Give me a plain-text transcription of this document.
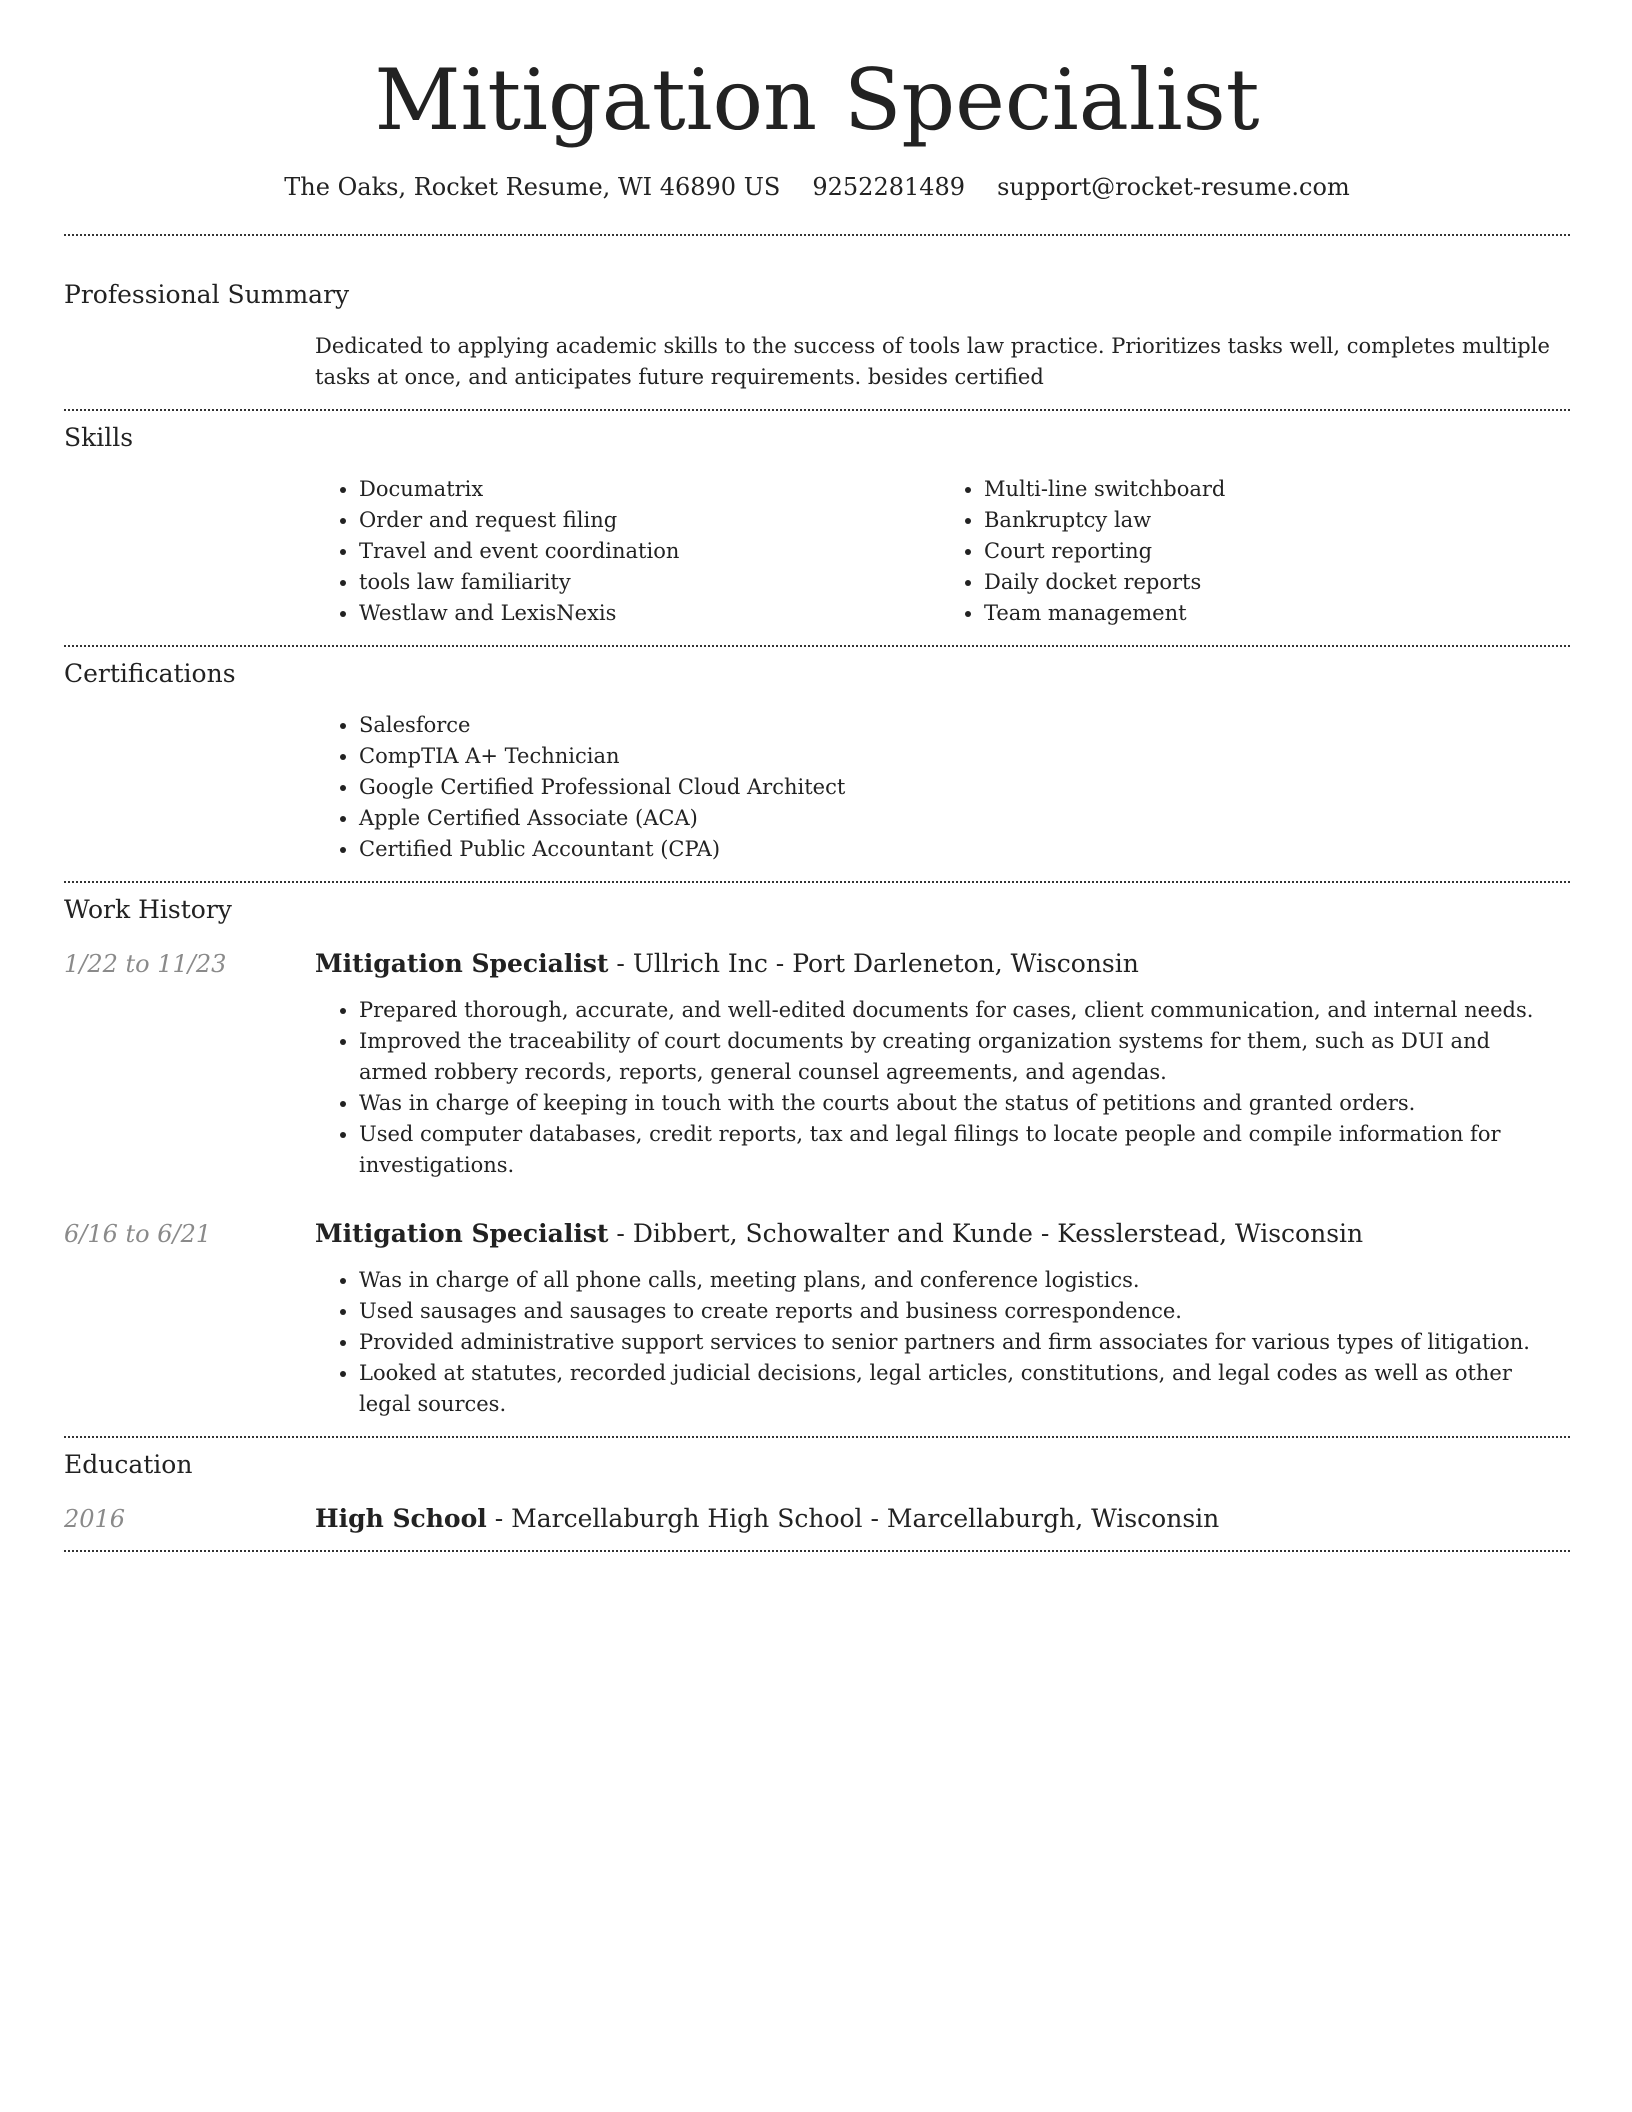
Mitigation Specialist
The Oaks, Rocket Resume, WI 46890 US 9252281489 support@rocket-resume.com
Professional Summary

Dedicated to applying academic skills to the success of tools law practice. Prioritizes tasks well, completes multiple tasks at once, and anticipates future requirements. besides certified

Skills
• Documatrix
• Order and request filing
• Travel and event coordination
• tools law familiarity
• Westlaw and LexisNexis
• Multi-line switchboard
• Bankruptcy law
• Court reporting
• Daily docket reports
• Team management
Certifications
• Salesforce
• CompTIA A+ Technician
• Google Certified Professional Cloud Architect
• Apple Certified Associate (ACA)
• Certified Public Accountant (CPA)
Work History
1/22 to 11/23	Mitigation Specialist - Ullrich Inc - Port Darleneton, Wisconsin

• Prepared thorough, accurate, and well-edited documents for cases, client communication, and internal needs.
• Improved the traceability of court documents by creating organization systems for them, such as DUI and armed robbery records, reports, general counsel agreements, and agendas.
• Was in charge of keeping in touch with the courts about the status of petitions and granted orders.
• Used computer databases, credit reports, tax and legal filings to locate people and compile information for investigations.
6/16 to 6/21	Mitigation Specialist - Dibbert, Schowalter and Kunde - Kesslerstead, Wisconsin

• Was in charge of all phone calls, meeting plans, and conference logistics.
• Used sausages and sausages to create reports and business correspondence.
• Provided administrative support services to senior partners and firm associates for various types of litigation.
• Looked at statutes, recorded judicial decisions, legal articles, constitutions, and legal codes as well as other legal sources.
Education
2016	High School - Marcellaburgh High School - Marcellaburgh, Wisconsin
